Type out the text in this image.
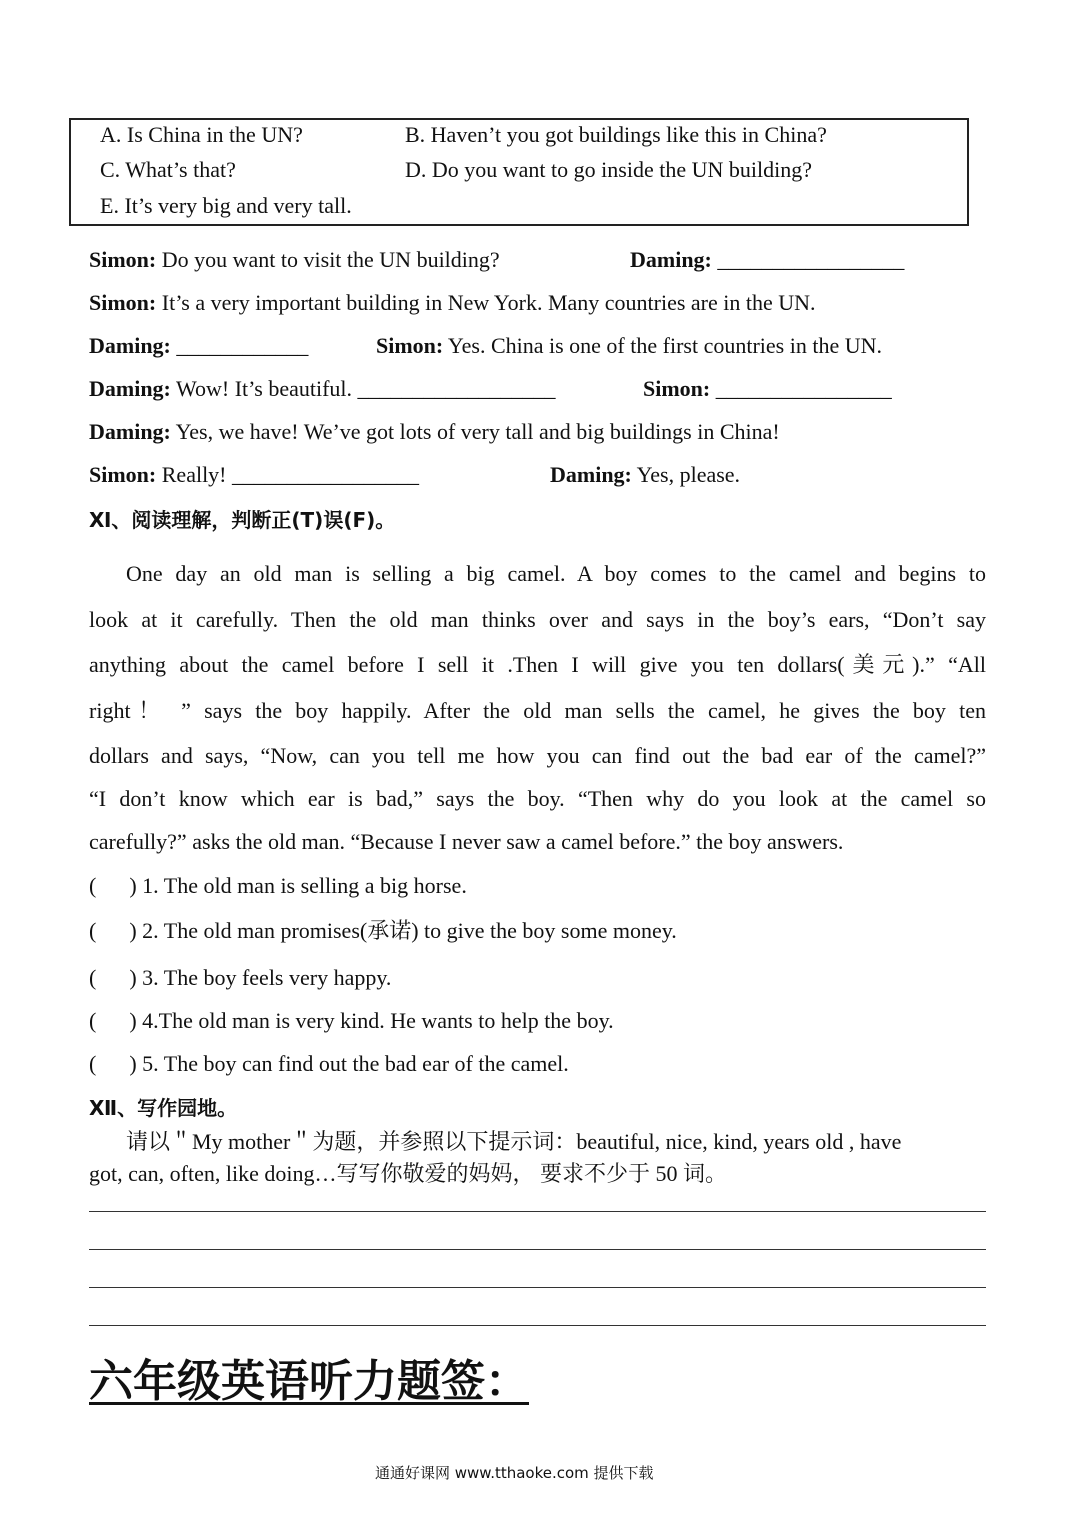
A. Is China in the UN?	B. Haven’t you got buildings like this in China?
C. What’s that?	D. Do you want to go inside the UN building?
E. It’s very big and very tall.
Simon: Do you want to visit the UN building?	Daming: _________________
Simon: It’s a very important building in New York. Many countries are in the UN.
Daming: ____________	Simon: Yes. China is one of the first countries in the UN.
Daming: Wow! It’s beautiful. __________________	Simon: ________________
Daming: Yes, we have! We’ve got lots of very tall and big buildings in China!
Simon: Really! _________________	Daming: Yes, please.
Ⅺ、阅读理解，判断正(T)误(F)。

One day an old man is selling a big camel. A boy comes to the camel and begins to

look at it carefully. Then the old man thinks over and says in the boy’s ears, “Don’t say

anything about the camel before I sell it .Then I will give you ten dollars(美元).” “All

right！ ” says the boy happily. After the old man sells the camel, he gives the boy ten

dollars and says, “Now, can you tell me how you can find out the bad ear of the camel?”

“I don’t know which ear is bad,” says the boy. “Then why do you look at the camel so

carefully?” asks the old man. “Because I never saw a camel before.” the boy answers.

(      ) 1. The old man is selling a big horse.
(      ) 2. The old man promises(承诺) to give the boy some money.
(      ) 3. The boy feels very happy.
(      ) 4.The old man is very kind. He wants to help the boy.
(      ) 5. The boy can find out the bad ear of the camel.
Ⅻ、写作园地。
请以＂My mother＂为题，并参照以下提示词：beautiful, nice, kind, years old , have
got, can, often, like doing…写写你敬爱的妈妈， 要求不少于 50 词。
六年级英语听力题签：
通通好课网 www.tthaoke.com 提供下载
